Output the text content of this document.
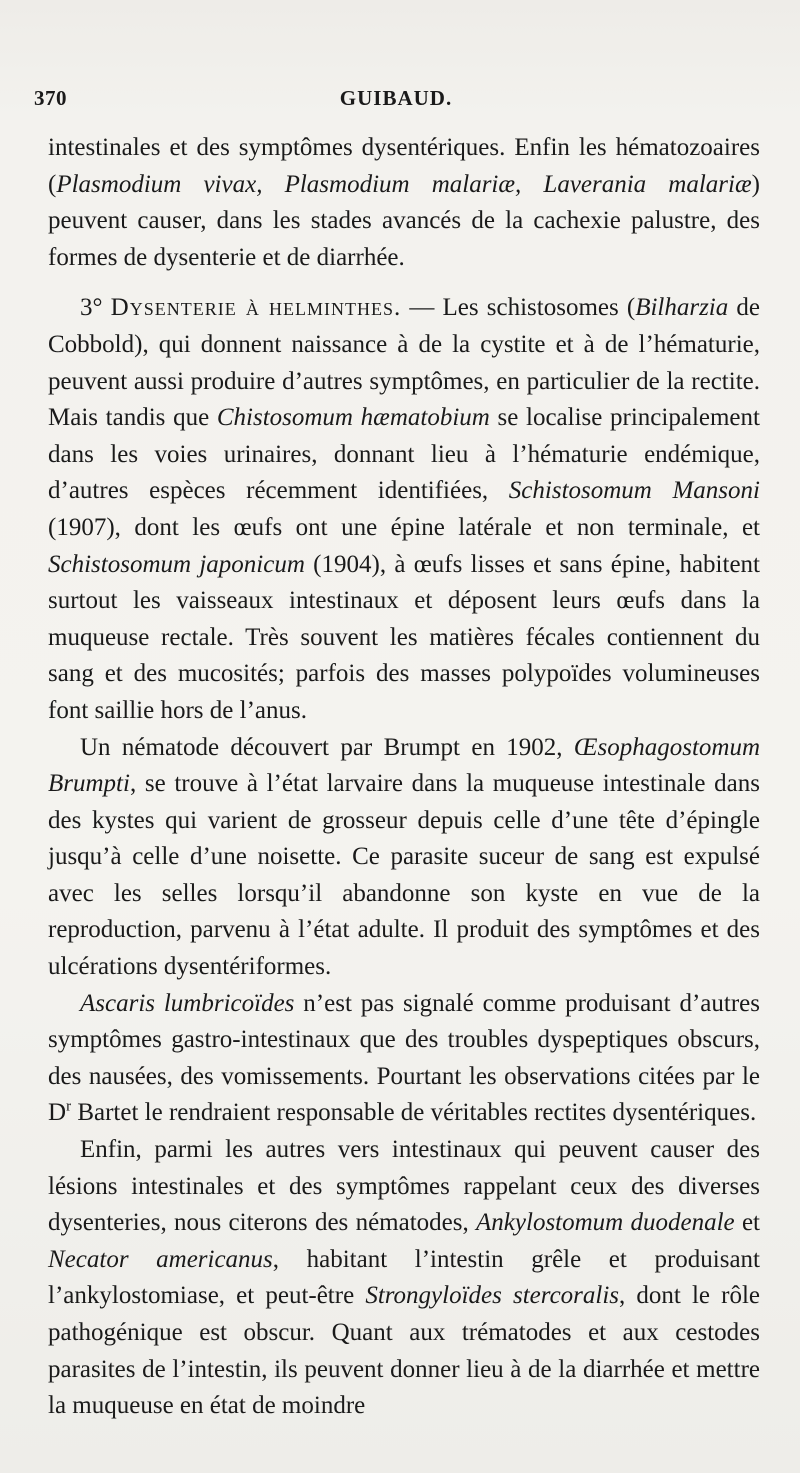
370	GUIBAUD.

intestinales et des symptômes dysentériques. Enfin les hématozoaires (Plasmodium vivax, Plasmodium malariæ, Laverania malariæ) peuvent causer, dans les stades avancés de la cachexie palustre, des formes de dysenterie et de diarrhée.

3° Dysenterie à helminthes. — Les schistosomes (Bilharzia de Cobbold), qui donnent naissance à de la cystite et à de l’hématurie, peuvent aussi produire d’autres symptômes, en particulier de la rectite. Mais tandis que Chistosomum hæmatobium se localise principalement dans les voies urinaires, donnant lieu à l’hématurie endémique, d’autres espèces récemment identifiées, Schistosomum Mansoni (1907), dont les œufs ont une épine latérale et non terminale, et Schistosomum japonicum (1904), à œufs lisses et sans épine, habitent surtout les vaisseaux intestinaux et déposent leurs œufs dans la muqueuse rectale. Très souvent les matières fécales contiennent du sang et des mucosités; parfois des masses polypoïdes volumineuses font saillie hors de l’anus.

Un nématode découvert par Brumpt en 1902, Œsophagostomum Brumpti, se trouve à l’état larvaire dans la muqueuse intestinale dans des kystes qui varient de grosseur depuis celle d’une tête d’épingle jusqu’à celle d’une noisette. Ce parasite suceur de sang est expulsé avec les selles lorsqu’il abandonne son kyste en vue de la reproduction, parvenu à l’état adulte. Il produit des symptômes et des ulcérations dysentériformes.

Ascaris lumbricoïdes n’est pas signalé comme produisant d’autres symptômes gastro-intestinaux que des troubles dyspeptiques obscurs, des nausées, des vomissements. Pourtant les observations citées par le $D^r$ Bartet le rendraient responsable de véritables rectites dysentériques.

Enfin, parmi les autres vers intestinaux qui peuvent causer des lésions intestinales et des symptômes rappelant ceux des diverses dysenteries, nous citerons des nématodes, Ankylostomum duodenale et Necator americanus, habitant l’intestin grêle et produisant l’ankylostomiase, et peut-être Strongyloïdes stercoralis, dont le rôle pathogénique est obscur. Quant aux trématodes et aux cestodes parasites de l’intestin, ils peuvent donner lieu à de la diarrhée et mettre la muqueuse en état de moindre
